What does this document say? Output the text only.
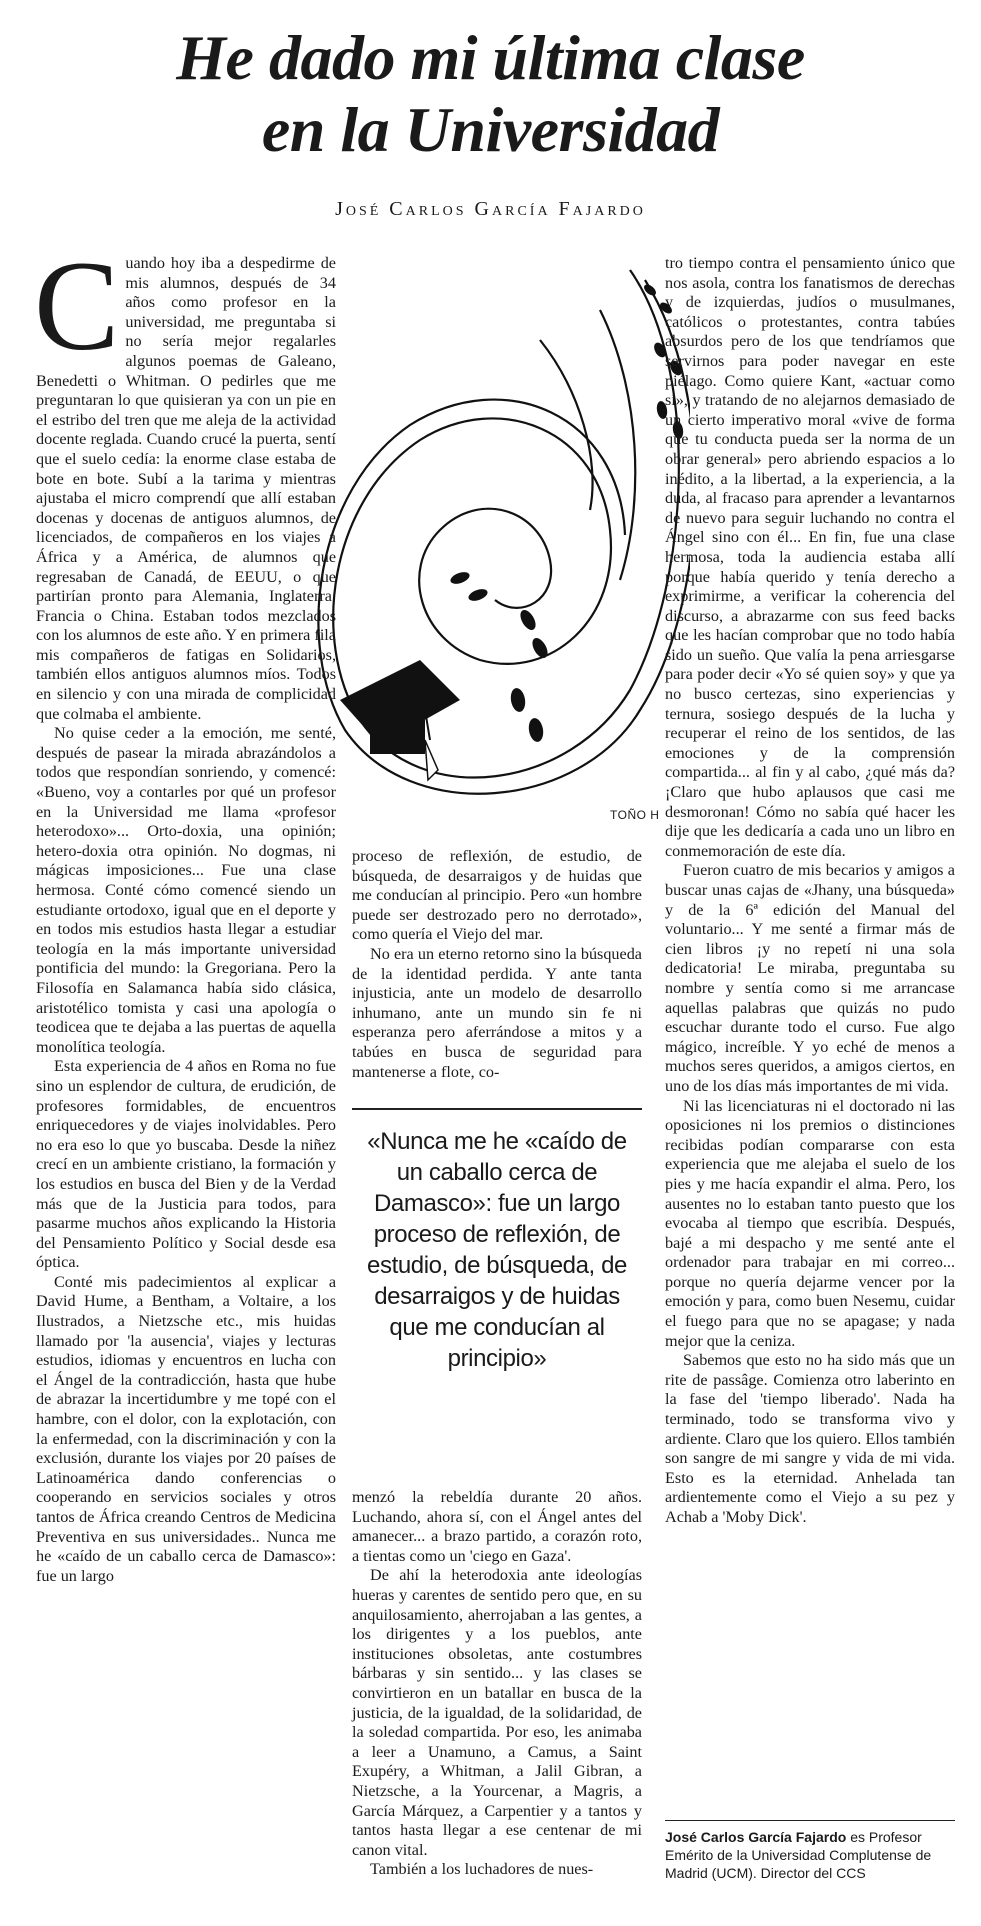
He dado mi última clase
en la Universidad
José Carlos García Fajardo
TOÑO H

Cuando hoy iba a despedirme de mis alumnos, después de 34 años como profesor en la universidad, me preguntaba si no sería mejor regalarles algunos poemas de Galeano, Benedetti o Whitman. O pedirles que me preguntaran lo que quisieran ya con un pie en el estribo del tren que me aleja de la actividad docente reglada. Cuando crucé la puerta, sentí que el suelo cedía: la enorme clase estaba de bote en bote. Subí a la tarima y mientras ajustaba el micro comprendí que allí estaban docenas y docenas de antiguos alumnos, de licenciados, de compañeros en los viajes a África y a América, de alumnos que regresaban de Canadá, de EEUU, o que partirían pronto para Alemania, Inglaterra, Francia o China. Estaban todos mezclados con los alumnos de este año. Y en primera fila mis compañeros de fatigas en Solidarios, también ellos antiguos alumnos míos. Todos en silencio y con una mirada de complicidad que colmaba el ambiente.

No quise ceder a la emoción, me senté, después de pasear la mirada abrazándolos a todos que respondían sonriendo, y comencé: «Bueno, voy a contarles por qué un profesor en la Universidad me llama «profesor heterodoxo»... Orto-doxia, una opinión; hetero-doxia otra opinión. No dogmas, ni mágicas imposiciones... Fue una clase hermosa. Conté cómo comencé siendo un estudiante ortodoxo, igual que en el deporte y en todos mis estudios hasta llegar a estudiar teología en la más importante universidad pontificia del mundo: la Gregoriana. Pero la Filosofía en Salamanca había sido clásica, aristotélico tomista y casi una apología o teodicea que te dejaba a las puertas de aquella monolítica teología.

Esta experiencia de 4 años en Roma no fue sino un esplendor de cultura, de erudición, de profesores formidables, de encuentros enriquecedores y de viajes inolvidables. Pero no era eso lo que yo buscaba. Desde la niñez crecí en un ambiente cristiano, la formación y los estudios en busca del Bien y de la Verdad más que de la Justicia para todos, para pasarme muchos años explicando la Historia del Pensamiento Político y Social desde esa óptica.

Conté mis padecimientos al explicar a David Hume, a Bentham, a Voltaire, a los Ilustrados, a Nietzsche etc., mis huidas llamado por 'la ausencia', viajes y lecturas estudios, idiomas y encuentros en lucha con el Ángel de la contradicción, hasta que hube de abrazar la incertidumbre y me topé con el hambre, con el dolor, con la explotación, con la enfermedad, con la discriminación y con la exclusión, durante los viajes por 20 países de Latinoamérica dando conferencias o cooperando en servicios sociales y otros tantos de África creando Centros de Medicina Preventiva en sus universidades.. Nunca me he «caído de un caballo cerca de Damasco»: fue un largo

proceso de reflexión, de estudio, de búsqueda, de desarraigos y de huidas que me conducían al principio. Pero «un hombre puede ser destrozado pero no derrotado», como quería el Viejo del mar.

No era un eterno retorno sino la búsqueda de la identidad perdida. Y ante tanta injusticia, ante un modelo de desarrollo inhumano, ante un mundo sin fe ni esperanza pero aferrándose a mitos y a tabúes en busca de seguridad para mantenerse a flote, co-

«Nunca me he «caído de un caballo cerca de Damasco»: fue un largo proceso de reflexión, de estudio, de búsqueda, de desarraigos y de huidas que me conducían al principio»

menzó la rebeldía durante 20 años. Luchando, ahora sí, con el Ángel antes del amanecer... a brazo partido, a corazón roto, a tientas como un 'ciego en Gaza'.

De ahí la heterodoxia ante ideologías hueras y carentes de sentido pero que, en su anquilosamiento, aherrojaban a las gentes, a los dirigentes y a los pueblos, ante instituciones obsoletas, ante costumbres bárbaras y sin sentido... y las clases se convirtieron en un batallar en busca de la justicia, de la igualdad, de la solidaridad, de la soledad compartida. Por eso, les animaba a leer a Unamuno, a Camus, a Saint Exupéry, a Whitman, a Jalil Gibran, a Nietzsche, a la Yourcenar, a Magris, a García Márquez, a Carpentier y a tantos y tantos hasta llegar a ese centenar de mi canon vital.

También a los luchadores de nues-

tro tiempo contra el pensamiento único que nos asola, contra los fanatismos de derechas y de izquierdas, judíos o musulmanes, católicos o protestantes, contra tabúes absurdos pero de los que tendríamos que servirnos para poder navegar en este piélago. Como quiere Kant, «actuar como si», y tratando de no alejarnos demasiado de un cierto imperativo moral «vive de forma que tu conducta pueda ser la norma de un obrar general» pero abriendo espacios a lo inédito, a la libertad, a la experiencia, a la duda, al fracaso para aprender a levantarnos de nuevo para seguir luchando no contra el Ángel sino con él... En fin, fue una clase hermosa, toda la audiencia estaba allí porque había querido y tenía derecho a exprimirme, a verificar la coherencia del discurso, a abrazarme con sus feed backs que les hacían comprobar que no todo había sido un sueño. Que valía la pena arriesgarse para poder decir «Yo sé quien soy» y que ya no busco certezas, sino experiencias y ternura, sosiego después de la lucha y recuperar el reino de los sentidos, de las emociones y de la comprensión compartida... al fin y al cabo, ¿qué más da? ¡Claro que hubo aplausos que casi me desmoronan! Cómo no sabía qué hacer les dije que les dedicaría a cada uno un libro en conmemoración de este día.

Fueron cuatro de mis becarios y amigos a buscar unas cajas de «Jhany, una búsqueda» y de la 6ª edición del Manual del voluntario... Y me senté a firmar más de cien libros ¡y no repetí ni una sola dedicatoria! Le miraba, preguntaba su nombre y sentía como si me arrancase aquellas palabras que quizás no pudo escuchar durante todo el curso. Fue algo mágico, increíble. Y yo eché de menos a muchos seres queridos, a amigos ciertos, en uno de los días más importantes de mi vida.

Ni las licenciaturas ni el doctorado ni las oposiciones ni los premios o distinciones recibidas podían compararse con esta experiencia que me alejaba el suelo de los pies y me hacía expandir el alma. Pero, los ausentes no lo estaban tanto puesto que los evocaba al tiempo que escribía. Después, bajé a mi despacho y me senté ante el ordenador para trabajar en mi correo... porque no quería dejarme vencer por la emoción y para, como buen Nesemu, cuidar el fuego para que no se apagase; y nada mejor que la ceniza.

Sabemos que esto no ha sido más que un rite de passâge. Comienza otro laberinto en la fase del 'tiempo liberado'. Nada ha terminado, todo se transforma vivo y ardiente. Claro que los quiero. Ellos también son sangre de mi sangre y vida de mi vida. Esto es la eternidad. Anhelada tan ardientemente como el Viejo a su pez y Achab a 'Moby Dick'.

José Carlos García Fajardo es Profesor Emérito de la Universidad Complutense de Madrid (UCM). Director del CCS
